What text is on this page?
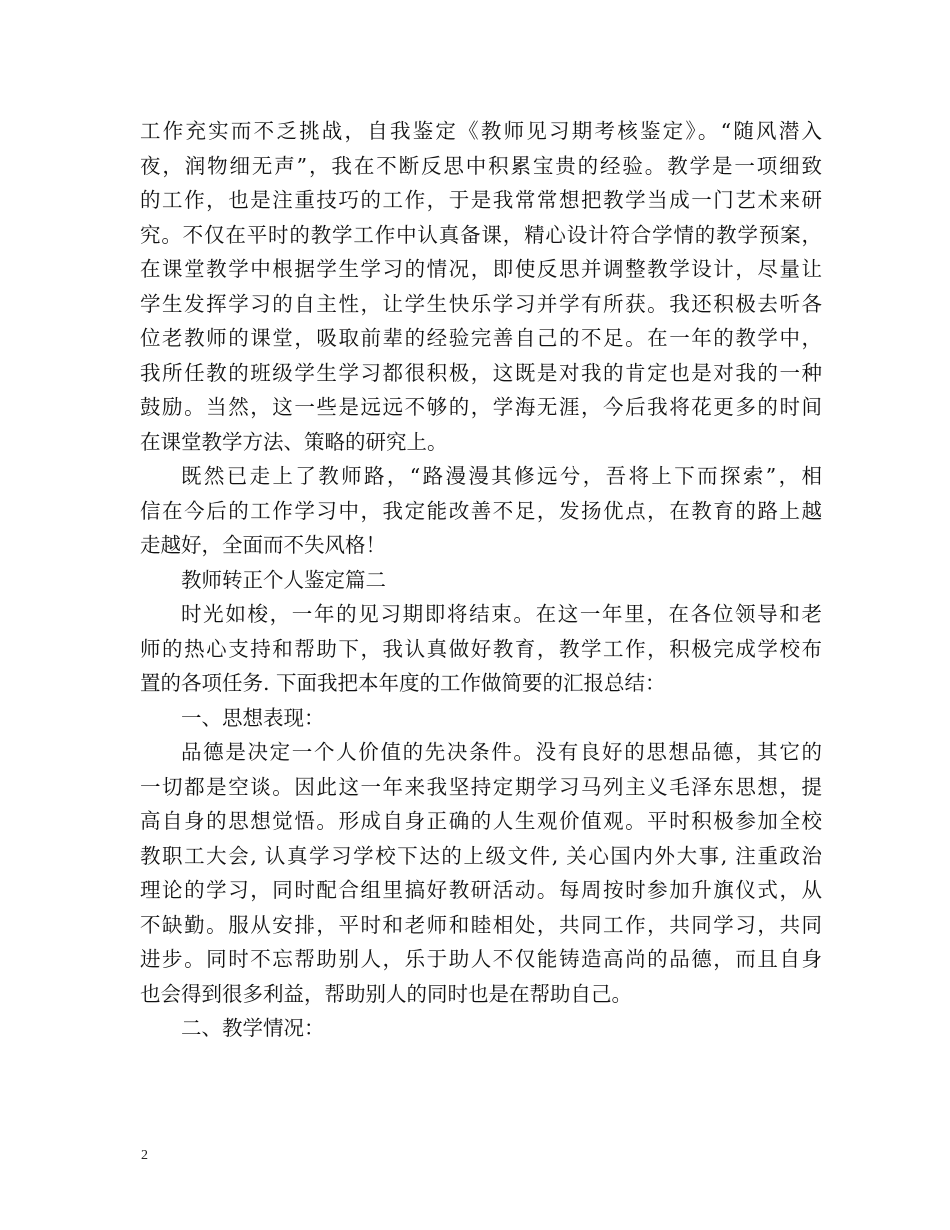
工作充实而不乏挑战，自我鉴定《教师见习期考核鉴定》。“随风潜入
夜，润物细无声”，我在不断反思中积累宝贵的经验。教学是一项细致
的工作，也是注重技巧的工作，于是我常常想把教学当成一门艺术来研
究。不仅在平时的教学工作中认真备课，精心设计符合学情的教学预案，
在课堂教学中根据学生学习的情况，即使反思并调整教学设计，尽量让
学生发挥学习的自主性，让学生快乐学习并学有所获。我还积极去听各
位老教师的课堂，吸取前辈的经验完善自己的不足。在一年的教学中，
我所任教的班级学生学习都很积极，这既是对我的肯定也是对我的一种
鼓励。当然，这一些是远远不够的，学海无涯，今后我将花更多的时间
在课堂教学方法、策略的研究上。
既然已走上了教师路，“路漫漫其修远兮，吾将上下而探索”，相
信在今后的工作学习中，我定能改善不足，发扬优点，在教育的路上越
走越好，全面而不失风格！
教师转正个人鉴定篇二
时光如梭，一年的见习期即将结束。在这一年里，在各位领导和老
师的热心支持和帮助下，我认真做好教育，教学工作，积极完成学校布
置的各项任务. 下面我把本年度的工作做简要的汇报总结：
一、思想表现：
品德是决定一个人价值的先决条件。没有良好的思想品德，其它的
一切都是空谈。因此这一年来我坚持定期学习马列主义毛泽东思想，提
高自身的思想觉悟。形成自身正确的人生观价值观。平时积极参加全校
教职工大会, 认真学习学校下达的上级文件, 关心国内外大事, 注重政治
理论的学习，同时配合组里搞好教研活动。每周按时参加升旗仪式，从
不缺勤。服从安排，平时和老师和睦相处，共同工作，共同学习，共同
进步。同时不忘帮助别人，乐于助人不仅能铸造高尚的品德，而且自身
也会得到很多利益，帮助别人的同时也是在帮助自己。
二、教学情况：
2
